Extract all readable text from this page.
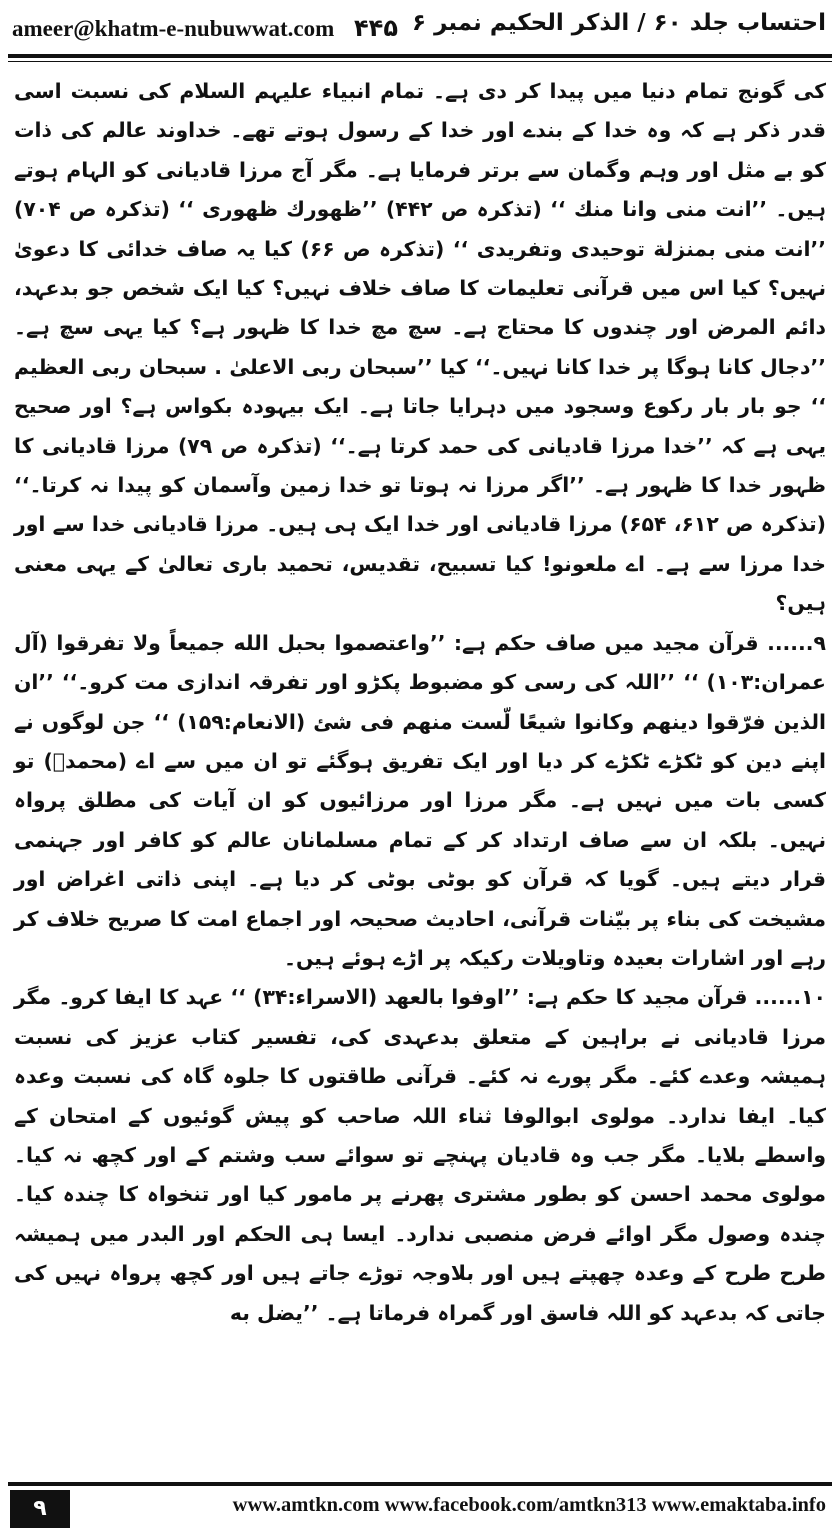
ameer@khatm-e-nubuwwat.com ۴۴۵ احتساب جلد ۶۰ / الذکر الحکیم نمبر ۶

کی گونج تمام دنیا میں پیدا کر دی ہے۔ تمام انبیاء علیہم السلام کی نسبت اسی قدر ذکر ہے کہ وہ خدا کے بندے اور خدا کے رسول ہوتے تھے۔ خداوند عالم کی ذات کو بے مثل اور وہم وگمان سے برتر فرمایا ہے۔ مگر آج مرزا قادیانی کو الہام ہوتے ہیں۔ ’’انت منی وانا منك ‘‘ (تذکرہ ص ۴۴۲) ’’ظهورك ظهوری ‘‘ (تذکرہ ص ۷۰۴) ’’انت منی بمنزلة توحیدی وتفریدی ‘‘ (تذکرہ ص ۶۶) کیا یہ صاف خدائی کا دعویٰ نہیں؟ کیا اس میں قرآنی تعلیمات کا صاف خلاف نہیں؟ کیا ایک شخص جو بدعہد، دائم المرض اور چندوں کا محتاج ہے۔ سچ مچ خدا کا ظہور ہے؟ کیا یہی سچ ہے۔ ’’دجال کانا ہوگا پر خدا کانا نہیں۔‘‘ کیا ’’سبحان ربی الاعلیٰ . سبحان ربی العظیم ‘‘ جو بار بار رکوع وسجود میں دہرایا جاتا ہے۔ ایک بیہودہ بکواس ہے؟ اور صحیح یہی ہے کہ ’’خدا مرزا قادیانی کی حمد کرتا ہے۔‘‘ (تذکرہ ص ۷۹) مرزا قادیانی کا ظہور خدا کا ظہور ہے۔ ’’اگر مرزا نہ ہوتا تو خدا زمین وآسمان کو پیدا نہ کرتا۔‘‘ (تذکرہ ص ۶۱۲، ۶۵۴) مرزا قادیانی اور خدا ایک ہی ہیں۔ مرزا قادیانی خدا سے اور خدا مرزا سے ہے۔ اے ملعونو! کیا تسبیح، تقدیس، تحمید باری تعالیٰ کے یہی معنی ہیں؟

۹...... قرآن مجید میں صاف حکم ہے: ’’واعتصموا بحبل الله جمیعاً ولا تفرقوا (آل عمران:۱۰۳) ‘‘ ’’اللہ کی رسی کو مضبوط پکڑو اور تفرقہ اندازی مت کرو۔‘‘ ’’ان الذین فرّقوا دینهم وکانوا شیعًا لّست منهم فی شئ (الانعام:۱۵۹) ‘‘ جن لوگوں نے اپنے دین کو ٹکڑے ٹکڑے کر دیا اور ایک تفریق ہوگئے تو ان میں سے اے (محمدؐ) تو کسی بات میں نہیں ہے۔ مگر مرزا اور مرزائیوں کو ان آیات کی مطلق پرواہ نہیں۔ بلکہ ان سے صاف ارتداد کر کے تمام مسلمانان عالم کو کافر اور جہنمی قرار دیتے ہیں۔ گویا کہ قرآن کو بوٹی بوٹی کر دیا ہے۔ اپنی ذاتی اغراض اور مشیخت کی بناء پر بیّنات قرآنی، احادیث صحیحہ اور اجماع امت کا صریح خلاف کر رہے اور اشارات بعیدہ وتاویلات رکیکہ پر اڑے ہوئے ہیں۔

۱۰...... قرآن مجید کا حکم ہے: ’’اوفوا بالعهد (الاسراء:۳۴) ‘‘ عہد کا ایفا کرو۔ مگر مرزا قادیانی نے براہین کے متعلق بدعہدی کی، تفسیر کتاب عزیز کی نسبت ہمیشہ وعدے کئے۔ مگر پورے نہ کئے۔ قرآنی طاقتوں کا جلوہ گاہ کی نسبت وعدہ کیا۔ ایفا ندارد۔ مولوی ابوالوفا ثناء اللہ صاحب کو پیش گوئیوں کے امتحان کے واسطے بلایا۔ مگر جب وہ قادیان پہنچے تو سوائے سب وشتم کے اور کچھ نہ کیا۔ مولوی محمد احسن کو بطور مشتری پھرنے پر مامور کیا اور تنخواہ کا چندہ کیا۔ چندہ وصول مگر اوائے فرض منصبی ندارد۔ ایسا ہی الحکم اور البدر میں ہمیشہ طرح طرح کے وعدہ چھپتے ہیں اور بلاوجہ توڑے جاتے ہیں اور کچھ پرواہ نہیں کی جاتی کہ بدعہد کو اللہ فاسق اور گمراہ فرماتا ہے۔ ’’یضل به

۹	www.amtkn.com www.facebook.com/amtkn313 www.emaktaba.info
